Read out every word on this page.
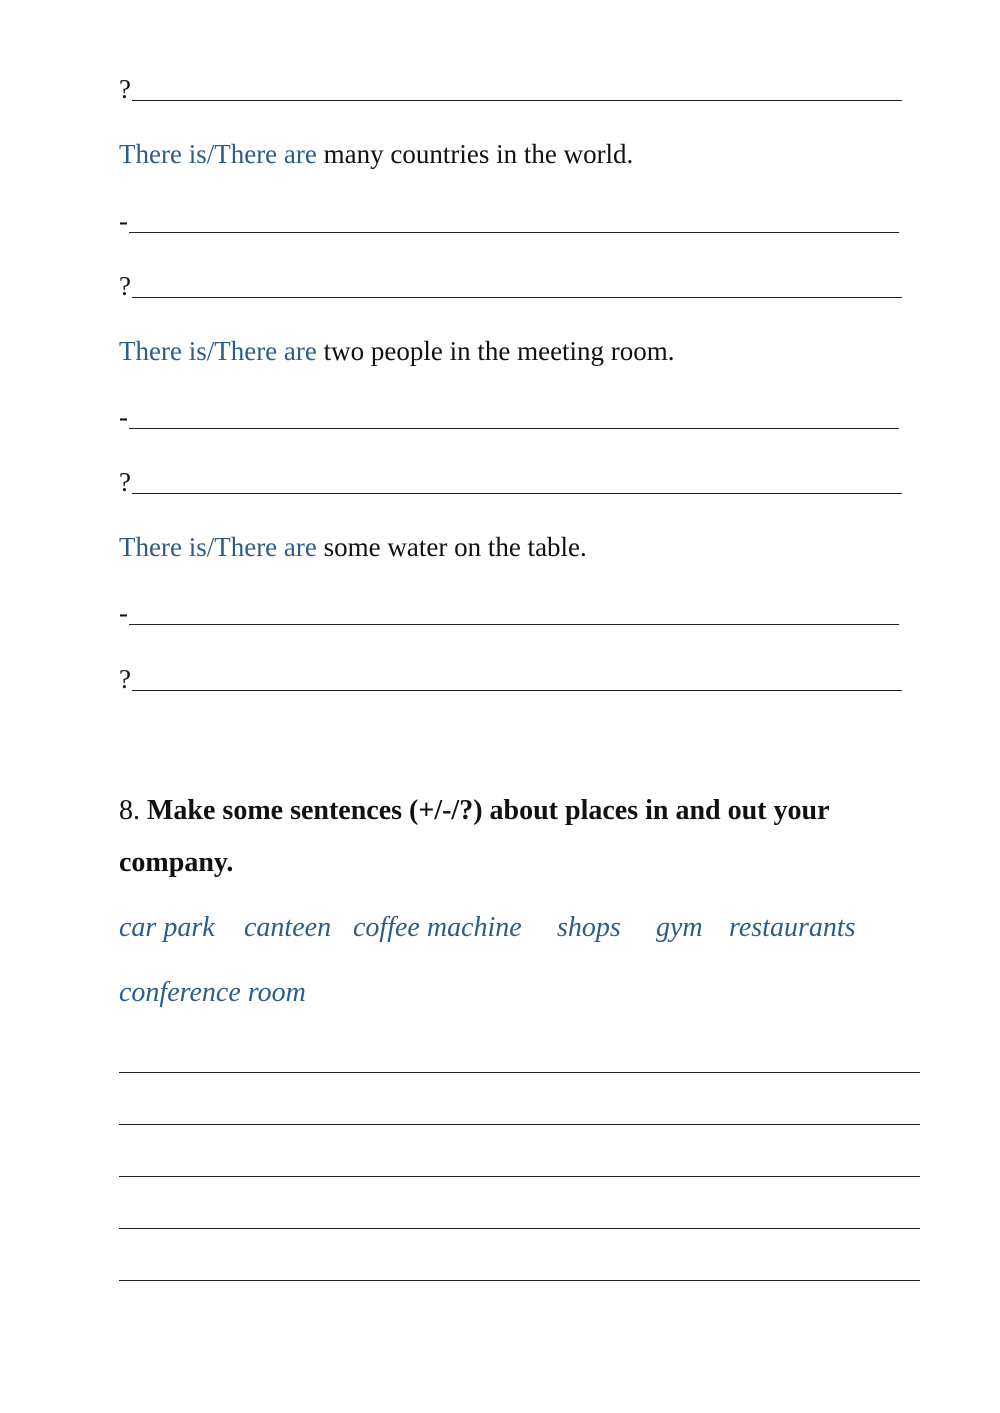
?
There is/There are many countries in the world.
-
?
There is/There are two people in the meeting room.
-
?
There is/There are some water on the table.
-
?
8. Make some sentences (+/-/?) about places in and out your
company.
car park canteen coffee machine shops gym restaurants
conference room
